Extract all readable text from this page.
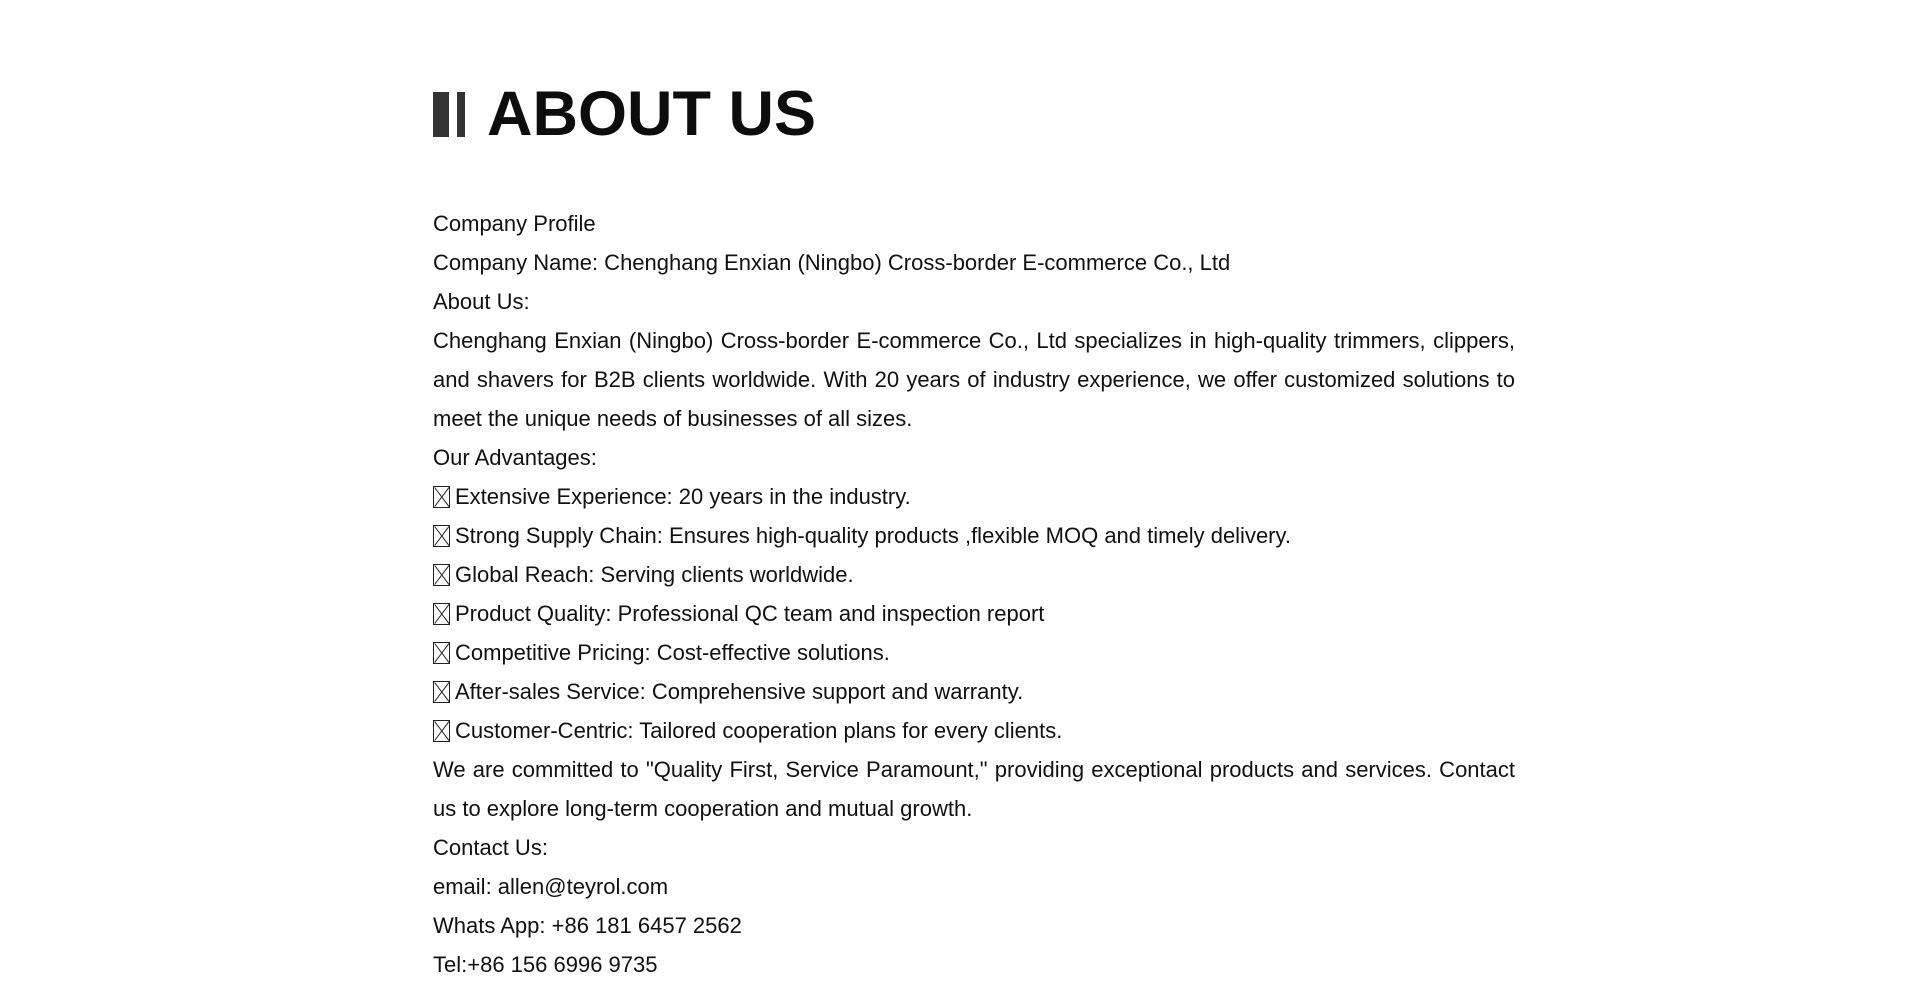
ABOUT US
Company Profile
Company Name: Chenghang Enxian (Ningbo) Cross-border E-commerce Co., Ltd
About Us:
Chenghang Enxian (Ningbo) Cross-border E-commerce Co., Ltd specializes in high-quality trimmers, clippers, and shavers for B2B clients worldwide. With 20 years of industry experience, we offer customized solutions to meet the unique needs of businesses of all sizes.
Our Advantages:
Extensive Experience: 20 years in the industry.
Strong Supply Chain: Ensures high-quality products ,flexible MOQ and timely delivery.
Global Reach: Serving clients worldwide.
Product Quality: Professional QC team and inspection report
Competitive Pricing: Cost-effective solutions.
After-sales Service: Comprehensive support and warranty.
Customer-Centric: Tailored cooperation plans for every clients.
We are committed to "Quality First, Service Paramount," providing exceptional products and services. Contact us to explore long-term cooperation and mutual growth.
Contact Us:
email: allen@teyrol.com
Whats App: +86 181 6457 2562
Tel:+86 156 6996 9735
